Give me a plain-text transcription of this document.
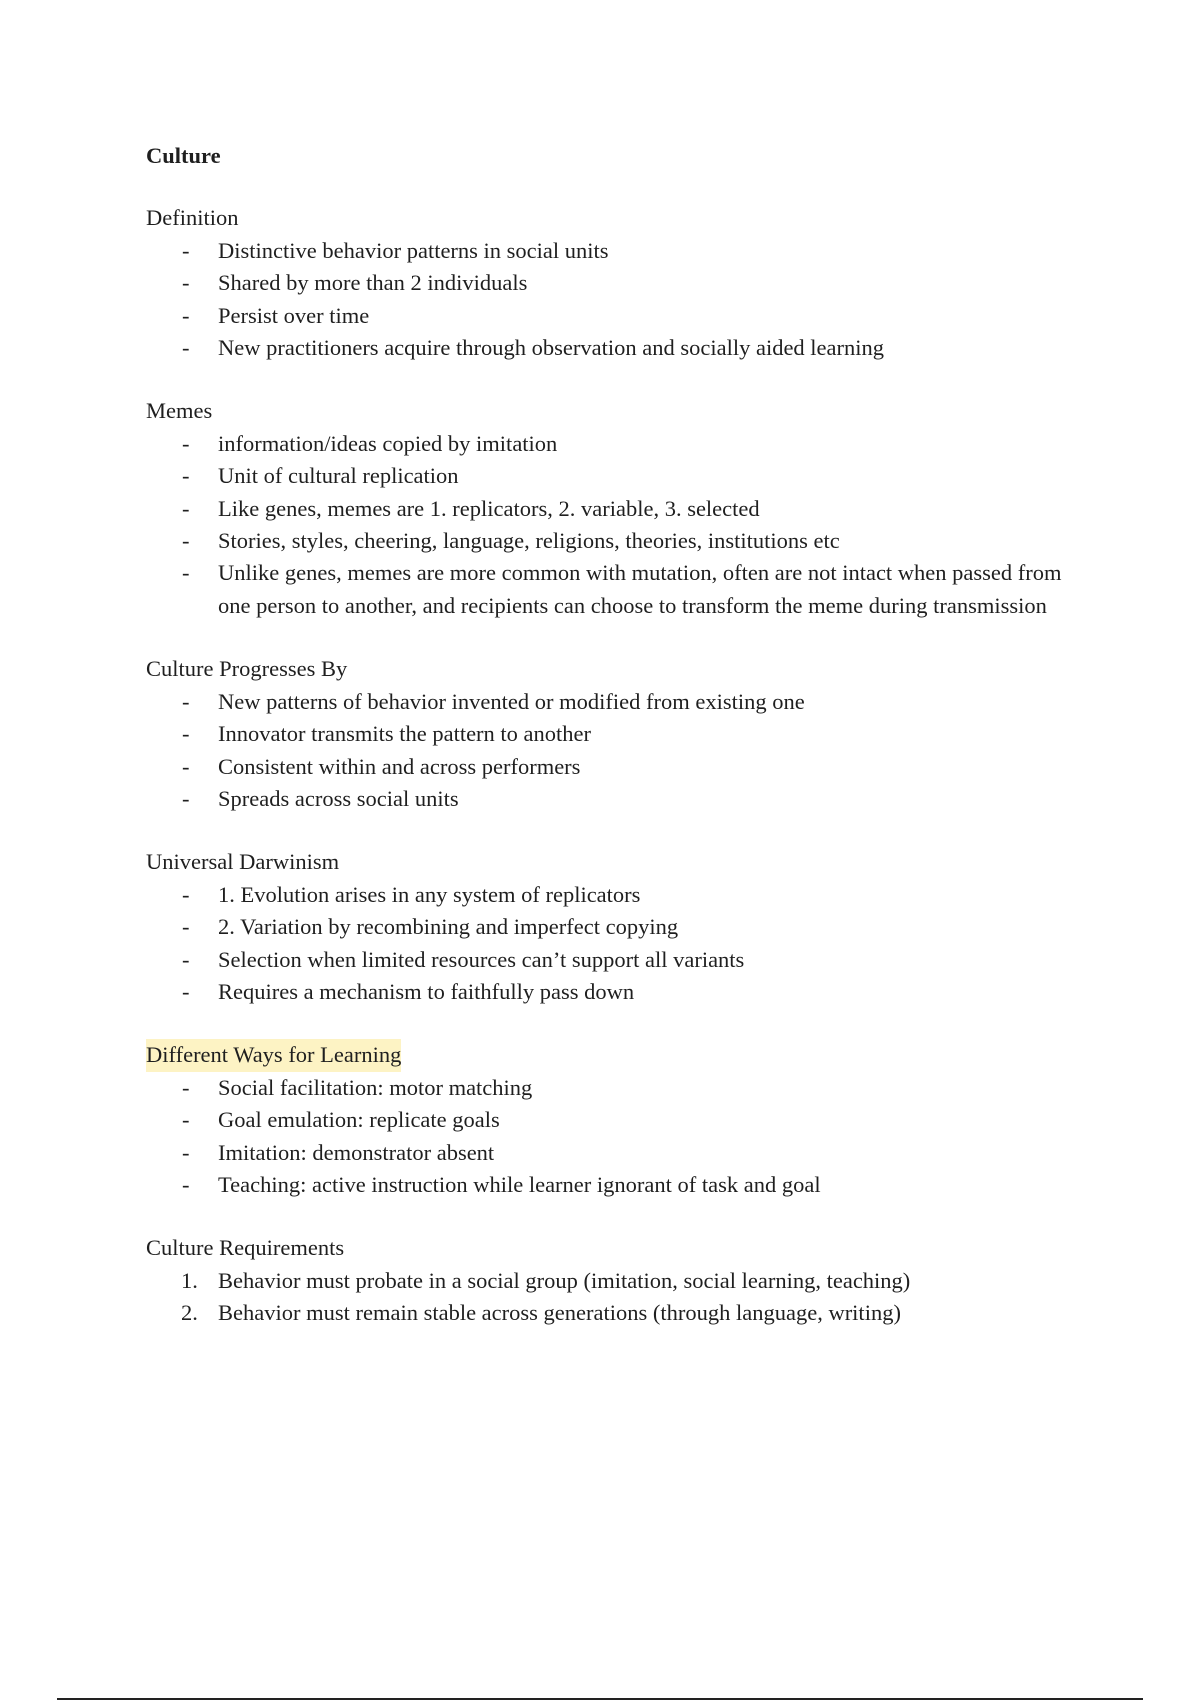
Culture

Definition

- Distinctive behavior patterns in social units
- Shared by more than 2 individuals
- Persist over time
- New practitioners acquire through observation and socially aided learning

Memes

- information/ideas copied by imitation
- Unit of cultural replication
- Like genes, memes are 1. replicators, 2. variable, 3. selected
- Stories, styles, cheering, language, religions, theories, institutions etc
- Unlike genes, memes are more common with mutation, often are not intact when passed from one person to another, and recipients can choose to transform the meme during transmission

Culture Progresses By

- New patterns of behavior invented or modified from existing one
- Innovator transmits the pattern to another
- Consistent within and across performers
- Spreads across social units

Universal Darwinism

- 1. Evolution arises in any system of replicators
- 2. Variation by recombining and imperfect copying
- Selection when limited resources can’t support all variants
- Requires a mechanism to faithfully pass down

Different Ways for Learning

- Social facilitation: motor matching
- Goal emulation: replicate goals
- Imitation: demonstrator absent
- Teaching: active instruction while learner ignorant of task and goal

Culture Requirements

1. Behavior must probate in a social group (imitation, social learning, teaching)
2. Behavior must remain stable across generations (through language, writing)
